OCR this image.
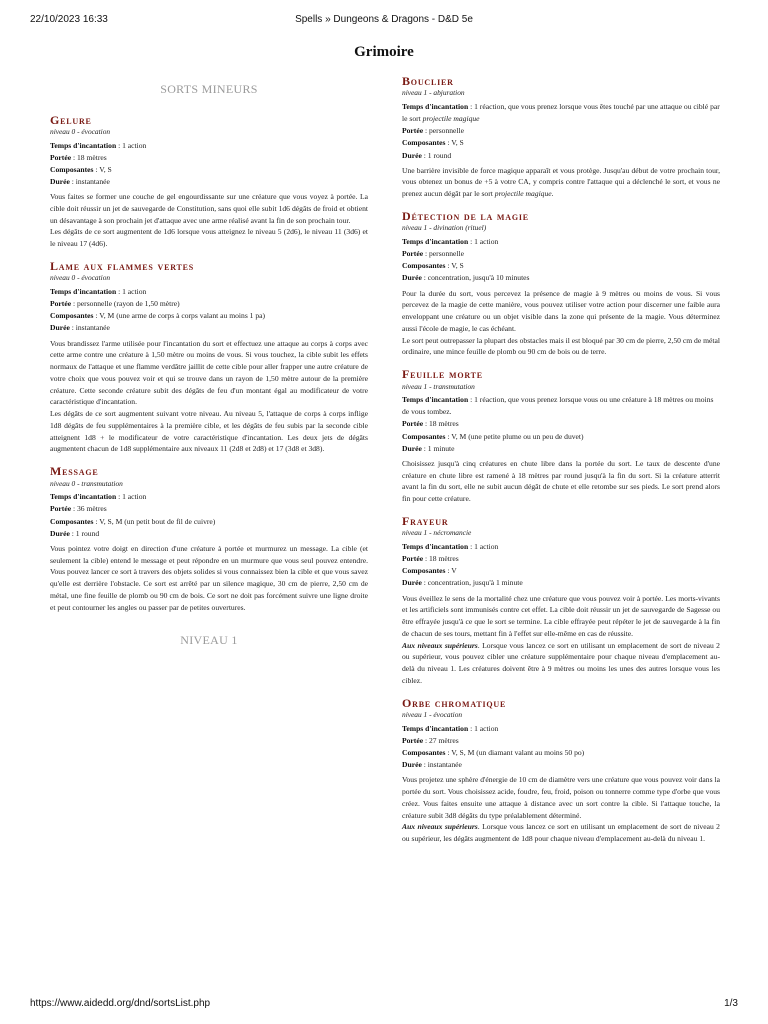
22/10/2023 16:33	Spells » Dungeons & Dragons - D&D 5e
Grimoire
SORTS MINEURS
Gelure
niveau 0 - évocation
Temps d'incantation : 1 action
Portée : 18 mètres
Composantes : V, S
Durée : instantanée
Vous faites se former une couche de gel engourdissante sur une créature que vous voyez à portée. La cible doit réussir un jet de sauvegarde de Constitution, sans quoi elle subit 1d6 dégâts de froid et obtient un désavantage à son prochain jet d'attaque avec une arme réalisé avant la fin de son prochain tour.
Les dégâts de ce sort augmentent de 1d6 lorsque vous atteignez le niveau 5 (2d6), le niveau 11 (3d6) et le niveau 17 (4d6).
Lame aux flammes vertes
niveau 0 - évocation
Temps d'incantation : 1 action
Portée : personnelle (rayon de 1,50 mètre)
Composantes : V, M (une arme de corps à corps valant au moins 1 pa)
Durée : instantanée
Vous brandissez l'arme utilisée pour l'incantation du sort et effectuez une attaque au corps à corps avec cette arme contre une créature à 1,50 mètre ou moins de vous. Si vous touchez, la cible subit les effets normaux de l'attaque et une flamme verdâtre jaillit de cette cible pour aller frapper une autre créature de votre choix que vous pouvez voir et qui se trouve dans un rayon de 1,50 mètre autour de la première créature. Cette seconde créature subit des dégâts de feu d'un montant égal au modificateur de votre caractéristique d'incantation.
Les dégâts de ce sort augmentent suivant votre niveau. Au niveau 5, l'attaque de corps à corps inflige 1d8 dégâts de feu supplémentaires à la première cible, et les dégâts de feu subis par la seconde cible atteignent 1d8 + le modificateur de votre caractéristique d'incantation. Les deux jets de dégâts augmentent chacun de 1d8 supplémentaire aux niveaux 11 (2d8 et 2d8) et 17 (3d8 et 3d8).
Message
niveau 0 - transmutation
Temps d'incantation : 1 action
Portée : 36 mètres
Composantes : V, S, M (un petit bout de fil de cuivre)
Durée : 1 round
Vous pointez votre doigt en direction d'une créature à portée et murmurez un message. La cible (et seulement la cible) entend le message et peut répondre en un murmure que vous seul pouvez entendre. Vous pouvez lancer ce sort à travers des objets solides si vous connaissez bien la cible et que vous savez qu'elle est derrière l'obstacle. Ce sort est arrêté par un silence magique, 30 cm de pierre, 2,50 cm de métal, une fine feuille de plomb ou 90 cm de bois. Ce sort ne doit pas forcément suivre une ligne droite et peut contourner les angles ou passer par de petites ouvertures.
NIVEAU 1
Bouclier
niveau 1 - abjuration
Temps d'incantation : 1 réaction, que vous prenez lorsque vous êtes touché par une attaque ou ciblé par le sort projectile magique
Portée : personnelle
Composantes : V, S
Durée : 1 round
Une barrière invisible de force magique apparaît et vous protège. Jusqu'au début de votre prochain tour, vous obtenez un bonus de +5 à votre CA, y compris contre l'attaque qui a déclenché le sort, et vous ne prenez aucun dégât par le sort projectile magique.
Détection de la magie
niveau 1 - divination (rituel)
Temps d'incantation : 1 action
Portée : personnelle
Composantes : V, S
Durée : concentration, jusqu'à 10 minutes
Pour la durée du sort, vous percevez la présence de magie à 9 mètres ou moins de vous. Si vous percevez de la magie de cette manière, vous pouvez utiliser votre action pour discerner une faible aura enveloppant une créature ou un objet visible dans la zone qui présente de la magie. Vous déterminez aussi l'école de magie, le cas échéant.
Le sort peut outrepasser la plupart des obstacles mais il est bloqué par 30 cm de pierre, 2,50 cm de métal ordinaire, une mince feuille de plomb ou 90 cm de bois ou de terre.
Feuille morte
niveau 1 - transmutation
Temps d'incantation : 1 réaction, que vous prenez lorsque vous ou une créature à 18 mètres ou moins de vous tombez.
Portée : 18 mètres
Composantes : V, M (une petite plume ou un peu de duvet)
Durée : 1 minute
Choisissez jusqu'à cinq créatures en chute libre dans la portée du sort. Le taux de descente d'une créature en chute libre est ramené à 18 mètres par round jusqu'à la fin du sort. Si la créature atterrit avant la fin du sort, elle ne subit aucun dégât de chute et elle retombe sur ses pieds. Le sort prend alors fin pour cette créature.
Frayeur
niveau 1 - nécromancie
Temps d'incantation : 1 action
Portée : 18 mètres
Composantes : V
Durée : concentration, jusqu'à 1 minute
Vous éveillez le sens de la mortalité chez une créature que vous pouvez voir à portée. Les morts-vivants et les artificiels sont immunisés contre cet effet. La cible doit réussir un jet de sauvegarde de Sagesse ou être effrayée jusqu'à ce que le sort se termine. La cible effrayée peut répéter le jet de sauvegarde à la fin de chacun de ses tours, mettant fin à l'effet sur elle-même en cas de réussite.
Aux niveaux supérieurs. Lorsque vous lancez ce sort en utilisant un emplacement de sort de niveau 2 ou supérieur, vous pouvez cibler une créature supplémentaire pour chaque niveau d'emplacement au-delà du niveau 1. Les créatures doivent être à 9 mètres ou moins les unes des autres lorsque vous les ciblez.
Orbe chromatique
niveau 1 - évocation
Temps d'incantation : 1 action
Portée : 27 mètres
Composantes : V, S, M (un diamant valant au moins 50 po)
Durée : instantanée
Vous projetez une sphère d'énergie de 10 cm de diamètre vers une créature que vous pouvez voir dans la portée du sort. Vous choisissez acide, foudre, feu, froid, poison ou tonnerre comme type d'orbe que vous créez. Vous faites ensuite une attaque à distance avec un sort contre la cible. Si l'attaque touche, la créature subit 3d8 dégâts du type préalablement déterminé.
Aux niveaux supérieurs. Lorsque vous lancez ce sort en utilisant un emplacement de sort de niveau 2 ou supérieur, les dégâts augmentent de 1d8 pour chaque niveau d'emplacement au-delà du niveau 1.
https://www.aidedd.org/dnd/sortsList.php	1/3
